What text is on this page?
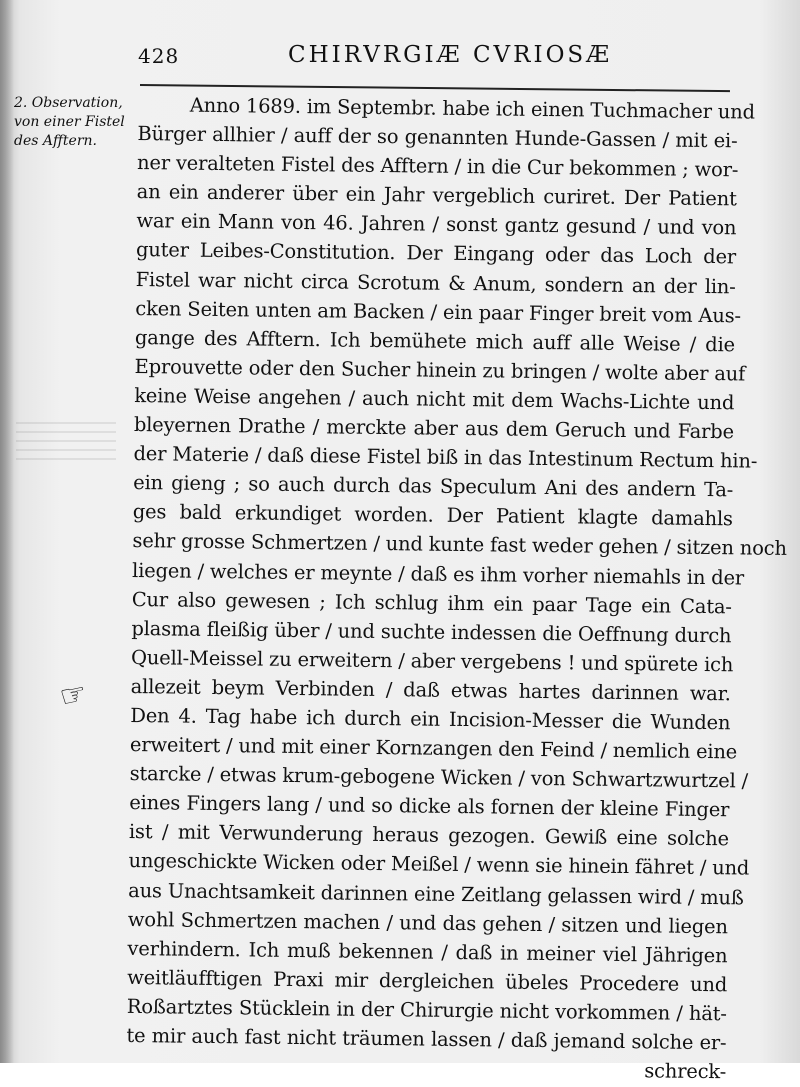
428	CHIRVRGIÆ CVRIOSÆ
2. Observation,
von einer Fistel
des Afftern.
☞
Anno 1689. im Septembr. habe ich einen Tuchmacher und
Bürger allhier / auff der so genannten Hunde-Gassen / mit ei-
ner veralteten Fistel des Afftern / in die Cur bekommen ; wor-
an ein anderer über ein Jahr vergeblich curiret. Der Patient
war ein Mann von 46. Jahren / sonst gantz gesund / und von
guter Leibes-Constitution. Der Eingang oder das Loch der
Fistel war nicht circa Scrotum & Anum, sondern an der lin-
cken Seiten unten am Backen / ein paar Finger breit vom Aus-
gange des Afftern. Ich bemühete mich auff alle Weise / die
Eprouvette oder den Sucher hinein zu bringen / wolte aber auf
keine Weise angehen / auch nicht mit dem Wachs-Lichte und
bleyernen Drathe / merckte aber aus dem Geruch und Farbe
der Materie / daß diese Fistel biß in das Intestinum Rectum hin-
ein gieng ; so auch durch das Speculum Ani des andern Ta-
ges bald erkundiget worden. Der Patient klagte damahls
sehr grosse Schmertzen / und kunte fast weder gehen / sitzen noch
liegen / welches er meynte / daß es ihm vorher niemahls in der
Cur also gewesen ; Ich schlug ihm ein paar Tage ein Cata-
plasma fleißig über / und suchte indessen die Oeffnung durch
Quell-Meissel zu erweitern / aber vergebens ! und spürete ich
allezeit beym Verbinden / daß etwas hartes darinnen war.
Den 4. Tag habe ich durch ein Incision-Messer die Wunden
erweitert / und mit einer Kornzangen den Feind / nemlich eine
starcke / etwas krum-gebogene Wicken / von Schwartzwurtzel /
eines Fingers lang / und so dicke als fornen der kleine Finger
ist / mit Verwunderung heraus gezogen. Gewiß eine solche
ungeschickte Wicken oder Meißel / wenn sie hinein fähret / und
aus Unachtsamkeit darinnen eine Zeitlang gelassen wird / muß
wohl Schmertzen machen / und das gehen / sitzen und liegen
verhindern. Ich muß bekennen / daß in meiner viel Jährigen
weitläufftigen Praxi mir dergleichen übeles Procedere und
Roßartztes Stücklein in der Chirurgie nicht vorkommen / hät-
te mir auch fast nicht träumen lassen / daß jemand solche er-
schreck-
